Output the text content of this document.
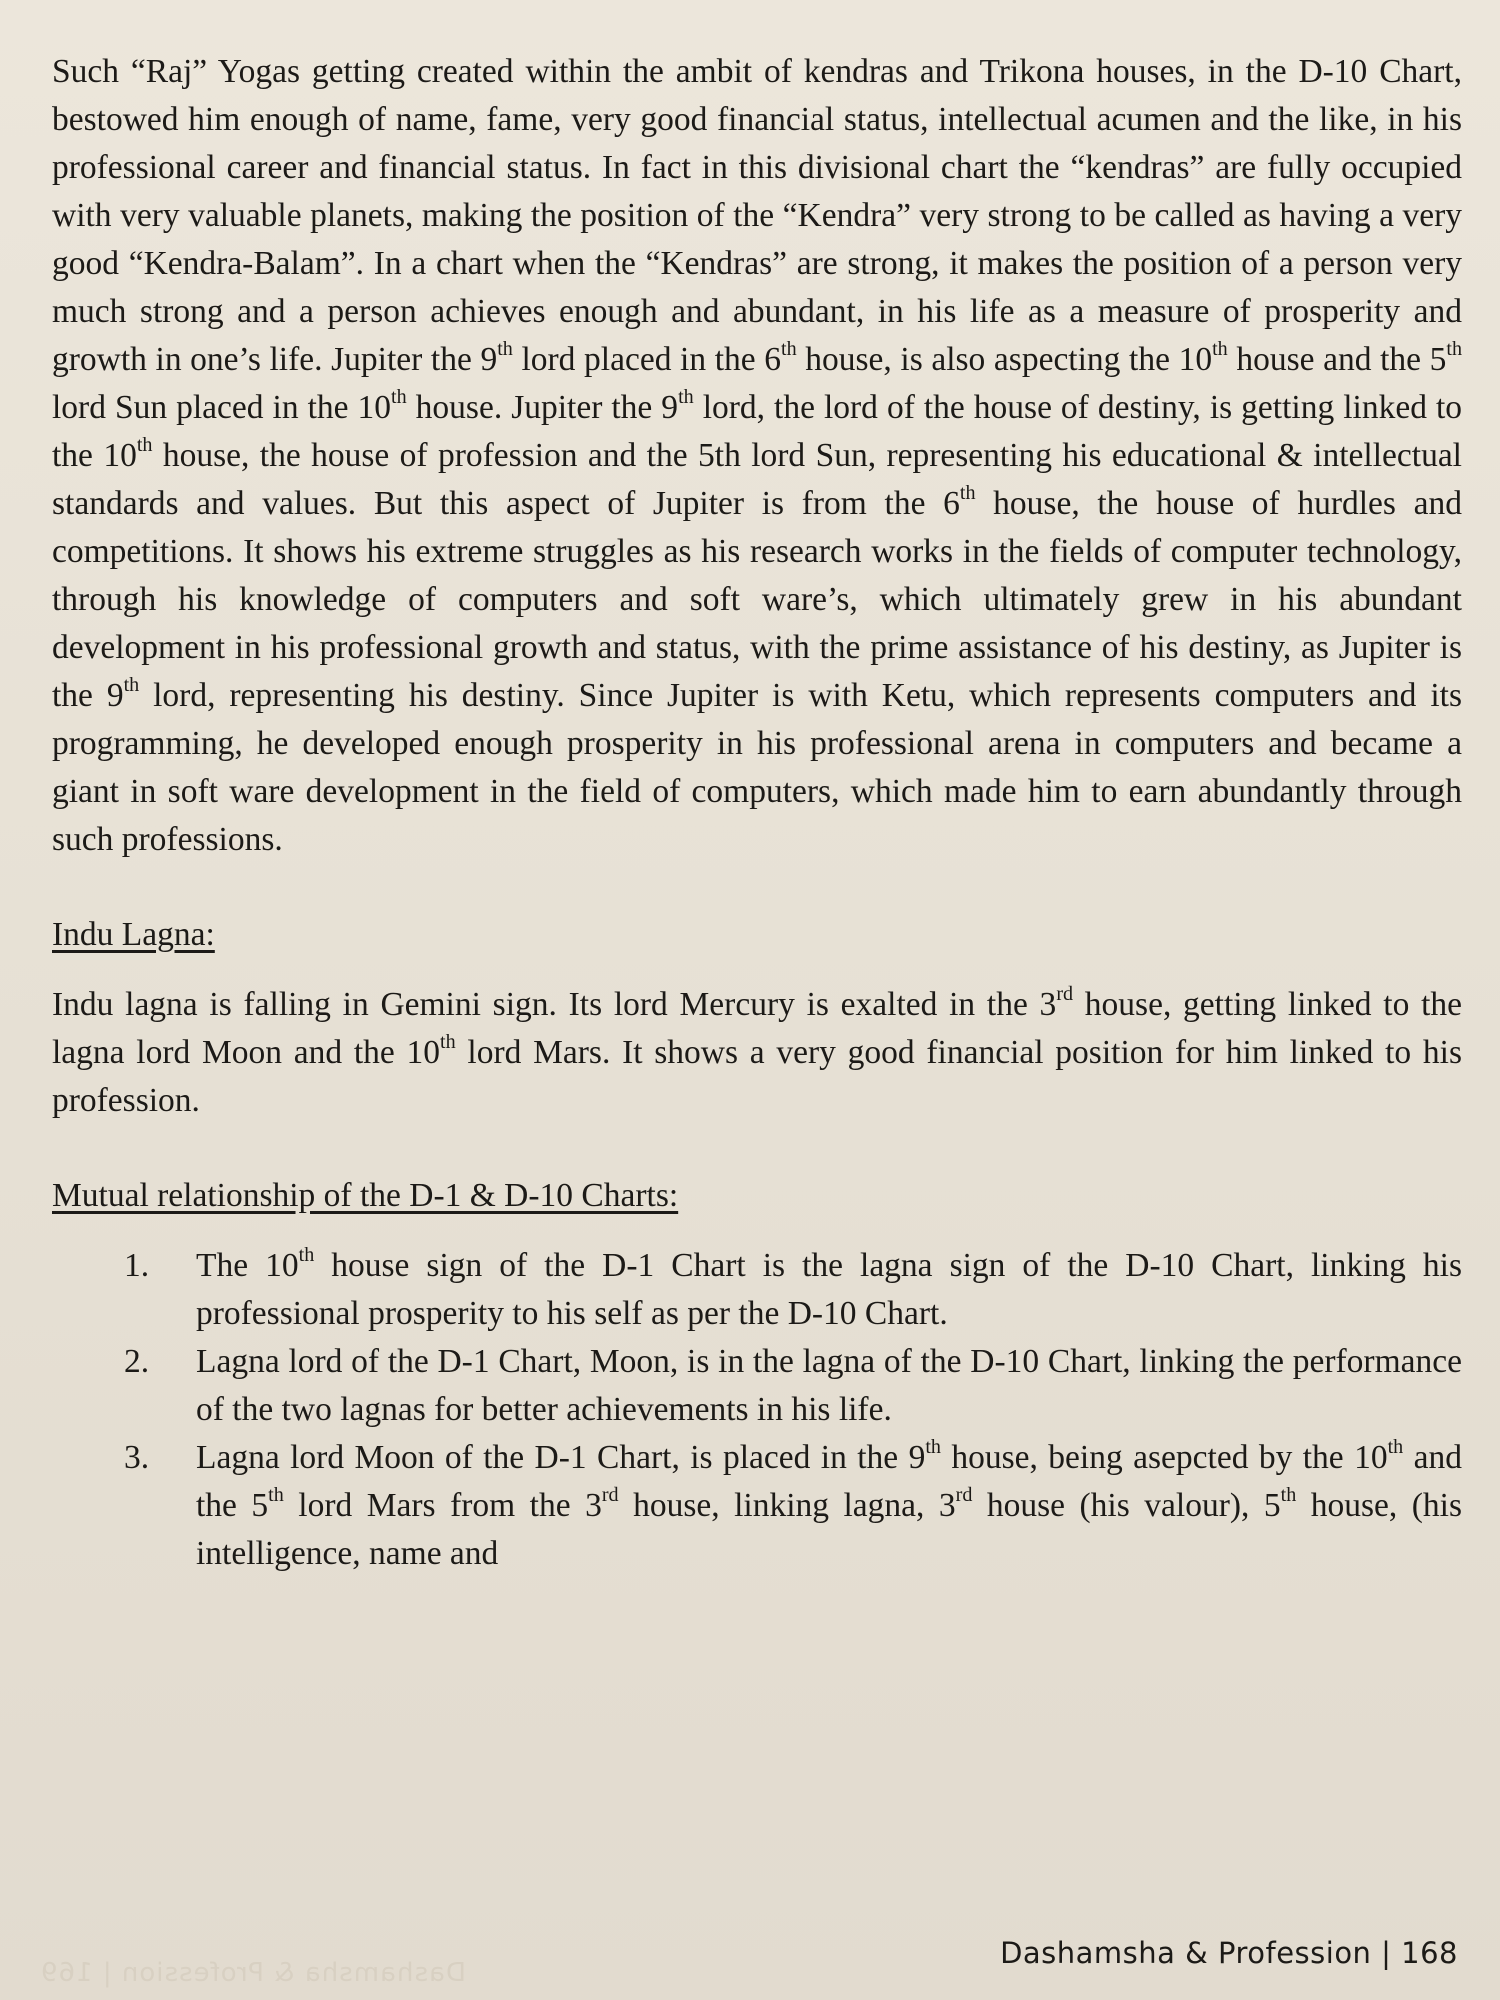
Dashamsha & Profession | 169

Such “Raj” Yogas getting created within the ambit of kendras and Trikona houses, in the D-10 Chart, bestowed him enough of name, fame, very good financial status, intellectual acumen and the like, in his professional career and financial status. In fact in this divisional chart the “kendras” are fully occupied with very valuable planets, making the position of the “Kendra” very strong to be called as having a very good “Kendra-Balam”. In a chart when the “Kendras” are strong, it makes the position of a person very much strong and a person achieves enough and abundant, in his life as a measure of prosperity and growth in one’s life. Jupiter the 9th lord placed in the 6th house, is also aspecting the 10th house and the 5th lord Sun placed in the 10th house. Jupiter the 9th lord, the lord of the house of destiny, is getting linked to the 10th house, the house of profession and the 5th lord Sun, representing his educational & intellectual standards and values. But this aspect of Jupiter is from the 6th house, the house of hurdles and competitions. It shows his extreme struggles as his research works in the fields of computer technology, through his knowledge of computers and soft ware’s, which ultimately grew in his abundant development in his professional growth and status, with the prime assistance of his destiny, as Jupiter is the 9th lord, representing his destiny. Since Jupiter is with Ketu, which represents computers and its programming, he developed enough prosperity in his professional arena in computers and became a giant in soft ware development in the field of computers, which made him to earn abundantly through such professions.

Indu Lagna:

Indu lagna is falling in Gemini sign. Its lord Mercury is exalted in the 3rd house, getting linked to the lagna lord Moon and the 10th lord Mars. It shows a very good financial position for him linked to his profession.

Mutual relationship of the D-1 & D-10 Charts:

1.	The 10th house sign of the D-1 Chart is the lagna sign of the D-10 Chart, linking his professional prosperity to his self as per the D-10 Chart.
2.	Lagna lord of the D-1 Chart, Moon, is in the lagna of the D-10 Chart, linking the performance of the two lagnas for better achievements in his life.
3.	Lagna lord Moon of the D-1 Chart, is placed in the 9th house, being asepcted by the 10th and the 5th lord Mars from the 3rd house, linking lagna, 3rd house (his valour), 5th house, (his intelligence, name and
Dashamsha & Profession | 168
